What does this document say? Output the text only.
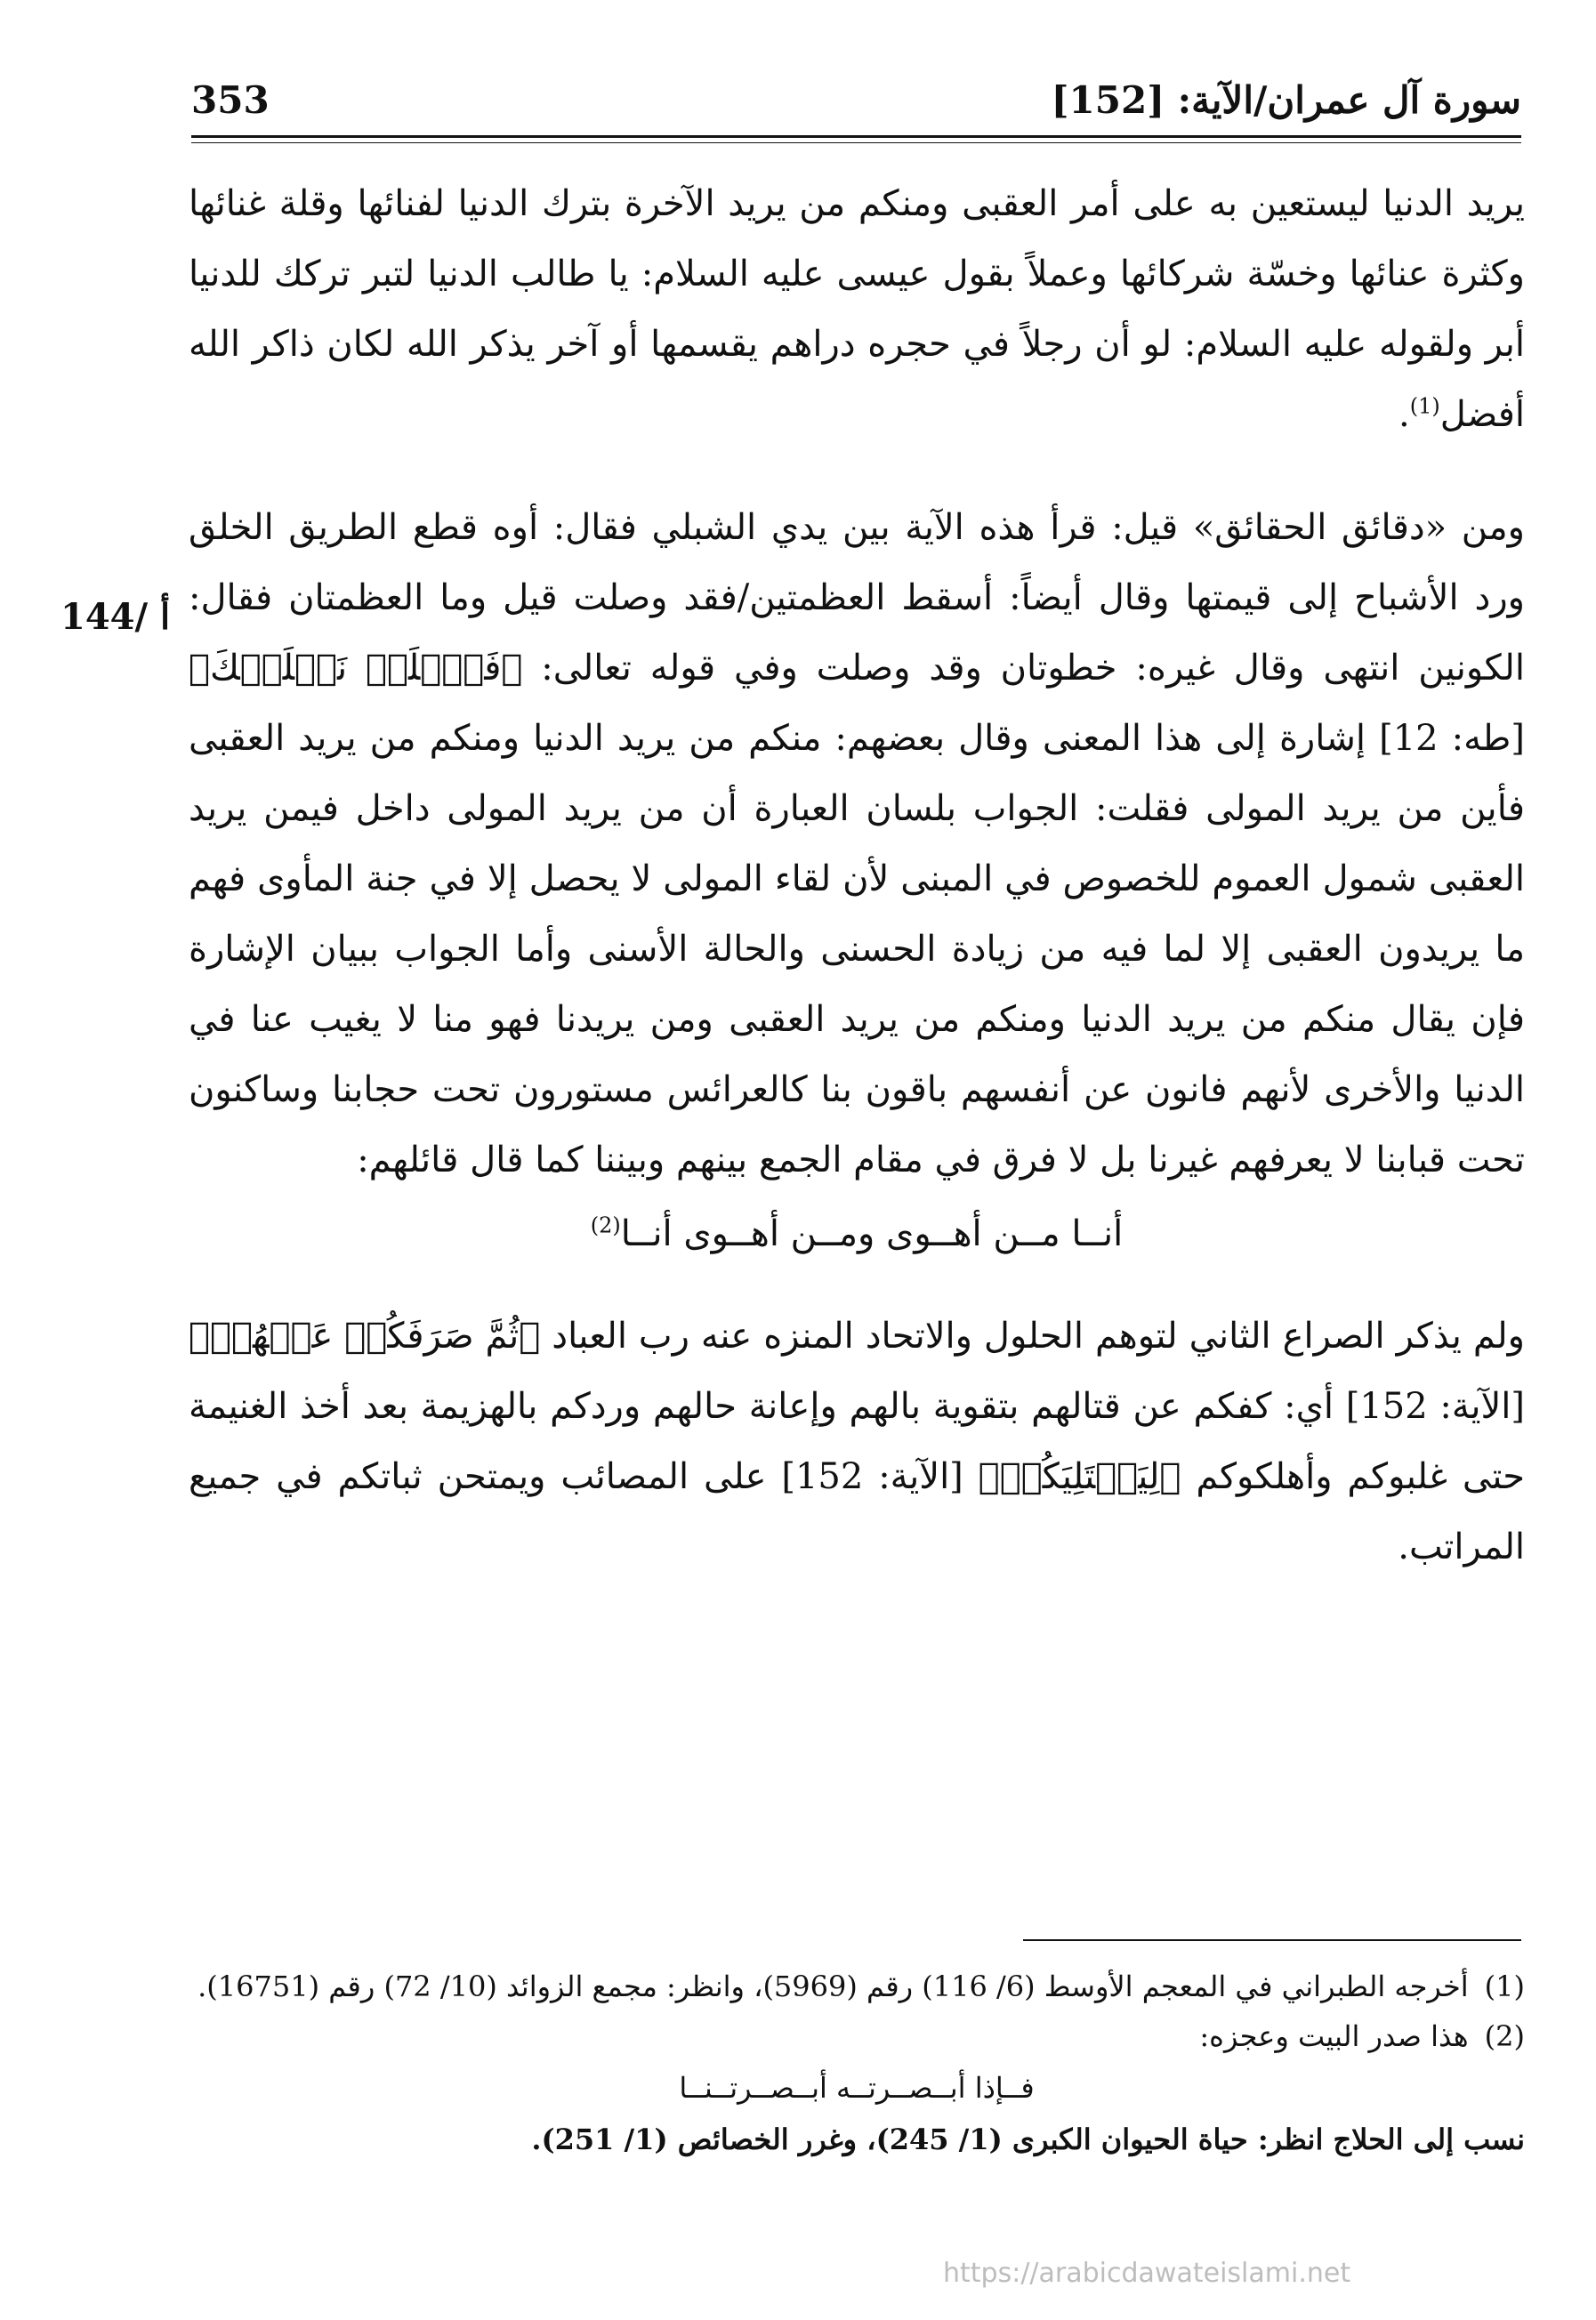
353	سورة آل عمران/الآية: [152]
144/ أ

يريد الدنيا ليستعين به على أمر العقبى ومنكم من يريد الآخرة بترك الدنيا لفنائها وقلة غنائها وكثرة عنائها وخسّة شركائها وعملاً بقول عيسى عليه السلام: يا طالب الدنيا لتبر تركك للدنيا أبر ولقوله عليه السلام: لو أن رجلاً في حجره دراهم يقسمها أو آخر يذكر الله لكان ذاكر الله أفضل$^{(1)}$.

ومن «دقائق الحقائق» قيل: قرأ هذه الآية بين يدي الشبلي فقال: أوه قطع الطريق الخلق ورد الأشباح إلى قيمتها وقال أيضاً: أسقط العظمتين/فقد وصلت قيل وما العظمتان فقال: الكونين انتهى وقال غيره: خطوتان وقد وصلت وفي قوله تعالى: ﴿فَٱخۡلَعۡ نَعۡلَيۡكَ﴾ [طه: 12] إشارة إلى هذا المعنى وقال بعضهم: منكم من يريد الدنيا ومنكم من يريد العقبى فأين من يريد المولى فقلت: الجواب بلسان العبارة أن من يريد المولى داخل فيمن يريد العقبى شمول العموم للخصوص في المبنى لأن لقاء المولى لا يحصل إلا في جنة المأوى فهم ما يريدون العقبى إلا لما فيه من زيادة الحسنى والحالة الأسنى وأما الجواب ببيان الإشارة فإن يقال منكم من يريد الدنيا ومنكم من يريد العقبى ومن يريدنا فهو منا لا يغيب عنا في الدنيا والأخرى لأنهم فانون عن أنفسهم باقون بنا كالعرائس مستورون تحت حجابنا وساكنون تحت قبابنا لا يعرفهم غيرنا بل لا فرق في مقام الجمع بينهم وبيننا كما قال قائلهم:

أنــا مــن أهــوى ومــن أهــوى أنــا$^{(2)}$

ولم يذكر الصراع الثاني لتوهم الحلول والاتحاد المنزه عنه رب العباد ﴿ثُمَّ صَرَفَكُمۡ عَنۡهُمۡ﴾ [الآية: 152] أي: كفكم عن قتالهم بتقوية بالهم وإعانة حالهم وردكم بالهزيمة بعد أخذ الغنيمة حتى غلبوكم وأهلكوكم ﴿لِيَبۡتَلِيَكُمۡ﴾ [الآية: 152] على المصائب ويمتحن ثباتكم في جميع المراتب.

(1)
أخرجه الطبراني في المعجم الأوسط (6/ 116) رقم (5969)، وانظر: مجمع الزوائد (10/ 72) رقم (16751).
(2)
هذا صدر البيت وعجزه:
فــإذا أبــصــرتــه أبــصــرتــنــا
نسب إلى الحلاج انظر: حياة الحيوان الكبرى (1/ 245)، وغرر الخصائص (1/ 251).
https://arabicdawateislami.net
